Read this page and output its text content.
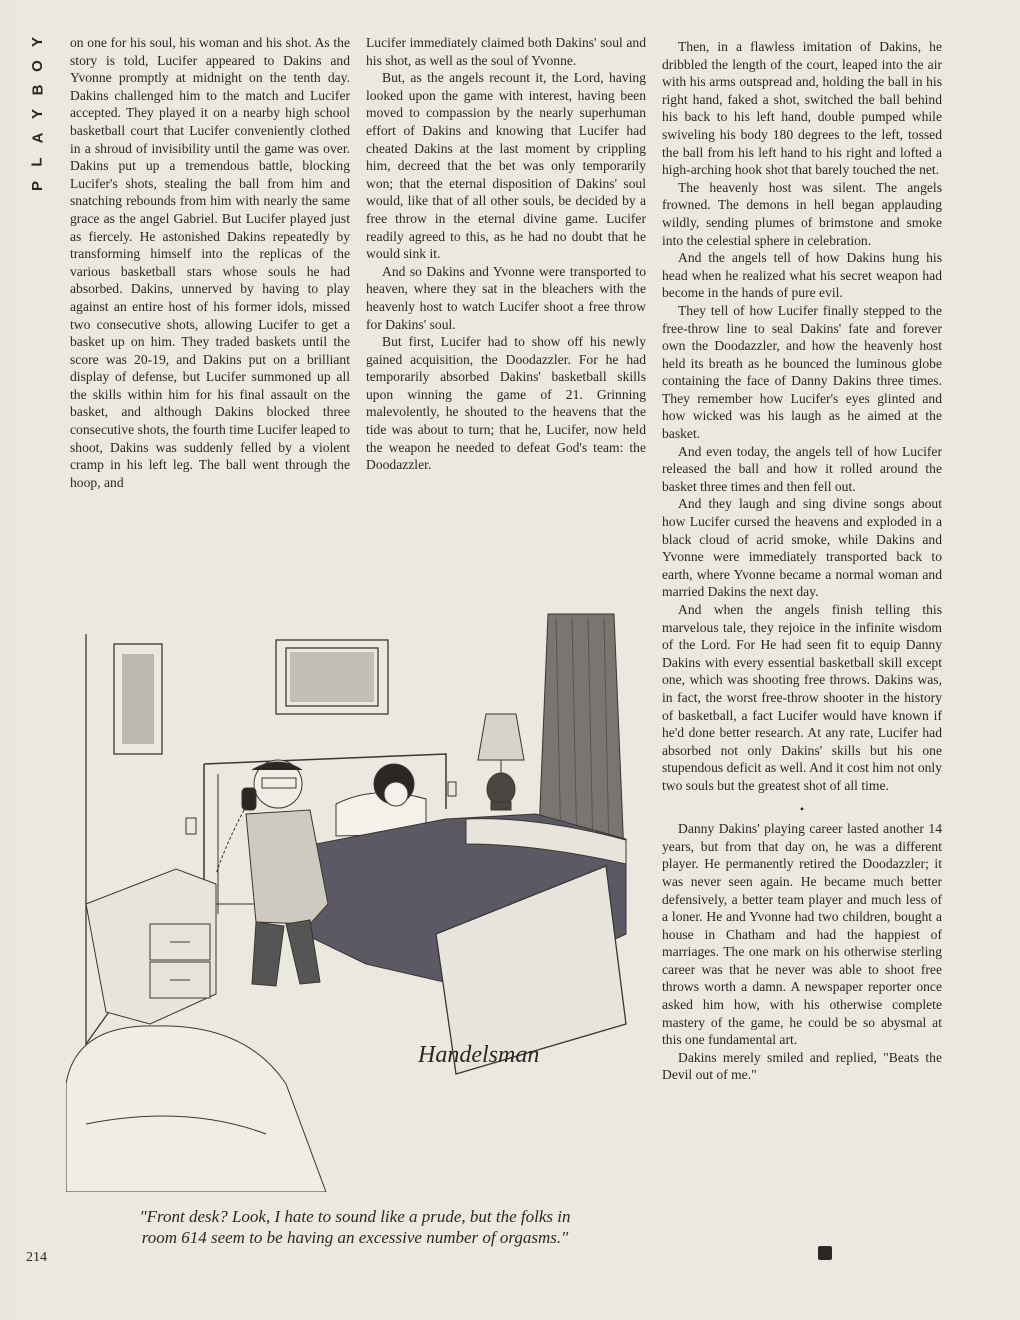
Y
O
B
Y
A
L
P

on one for his soul, his woman and his shot. As the story is told, Lucifer appeared to Dakins and Yvonne promptly at midnight on the tenth day. Dakins challenged him to the match and Lucifer accepted. They played it on a nearby high school basketball court that Lucifer conveniently clothed in a shroud of invisibility until the game was over. Dakins put up a tremendous battle, blocking Lucifer's shots, stealing the ball from him and snatching rebounds from him with nearly the same grace as the angel Gabriel. But Lucifer played just as fiercely. He astonished Dakins repeatedly by transforming himself into the replicas of the various basketball stars whose souls he had absorbed. Dakins, unnerved by having to play against an entire host of his former idols, missed two consecutive shots, allowing Lucifer to get a basket up on him. They traded baskets until the score was 20-19, and Dakins put on a brilliant display of defense, but Lucifer summoned up all the skills within him for his final assault on the basket, and although Dakins blocked three consecutive shots, the fourth time Lucifer leaped to shoot, Dakins was suddenly felled by a violent cramp in his left leg. The ball went through the hoop, and

Lucifer immediately claimed both Dakins' soul and his shot, as well as the soul of Yvonne.

But, as the angels recount it, the Lord, having looked upon the game with interest, having been moved to compassion by the nearly superhuman effort of Dakins and knowing that Lucifer had cheated Dakins at the last moment by crippling him, decreed that the bet was only temporarily won; that the eternal disposition of Dakins' soul would, like that of all other souls, be decided by a free throw in the eternal divine game. Lucifer readily agreed to this, as he had no doubt that he would sink it.

And so Dakins and Yvonne were transported to heaven, where they sat in the bleachers with the heavenly host to watch Lucifer shoot a free throw for Dakins' soul.

But first, Lucifer had to show off his newly gained acquisition, the Doodazzler. For he had temporarily absorbed Dakins' basketball skills upon winning the game of 21. Grinning malevolently, he shouted to the heavens that the tide was about to turn; that he, Lucifer, now held the weapon he needed to defeat God's team: the Doodazzler.

Then, in a flawless imitation of Dakins, he dribbled the length of the court, leaped into the air with his arms outspread and, holding the ball in his right hand, faked a shot, switched the ball behind his back to his left hand, double pumped while swiveling his body 180 degrees to the left, tossed the ball from his left hand to his right and lofted a high-arching hook shot that barely touched the net.

The heavenly host was silent. The angels frowned. The demons in hell began applauding wildly, sending plumes of brimstone and smoke into the celestial sphere in celebration.

And the angels tell of how Dakins hung his head when he realized what his secret weapon had become in the hands of pure evil.

They tell of how Lucifer finally stepped to the free-throw line to seal Dakins' fate and forever own the Doodazzler, and how the heavenly host held its breath as he bounced the luminous globe containing the face of Danny Dakins three times. They remember how Lucifer's eyes glinted and how wicked was his laugh as he aimed at the basket.

And even today, the angels tell of how Lucifer released the ball and how it rolled around the basket three times and then fell out.

And they laugh and sing divine songs about how Lucifer cursed the heavens and exploded in a black cloud of acrid smoke, while Dakins and Yvonne were immediately transported back to earth, where Yvonne became a normal woman and married Dakins the next day.

And when the angels finish telling this marvelous tale, they rejoice in the infinite wisdom of the Lord. For He had seen fit to equip Danny Dakins with every essential basketball skill except one, which was shooting free throws. Dakins was, in fact, the worst free-throw shooter in the history of basketball, a fact Lucifer would have known if he'd done better research. At any rate, Lucifer had absorbed not only Dakins' skills but his one stupendous deficit as well. And it cost him not only two souls but the greatest shot of all time.

•

Danny Dakins' playing career lasted another 14 years, but from that day on, he was a different player. He permanently retired the Doodazzler; it was never seen again. He became much better defensively, a better team player and much less of a loner. He and Yvonne had two children, bought a house in Chatham and had the happiest of marriages. The one mark on his otherwise sterling career was that he never was able to shoot free throws worth a damn. A newspaper reporter once asked him how, with his otherwise complete mastery of the game, he could be so abysmal at this one fundamental art.

Dakins merely smiled and replied, "Beats the Devil out of me."

Handelsman
"Front desk? Look, I hate to sound like a prude, but the folks in room 614 seem to be having an excessive number of orgasms."
214
